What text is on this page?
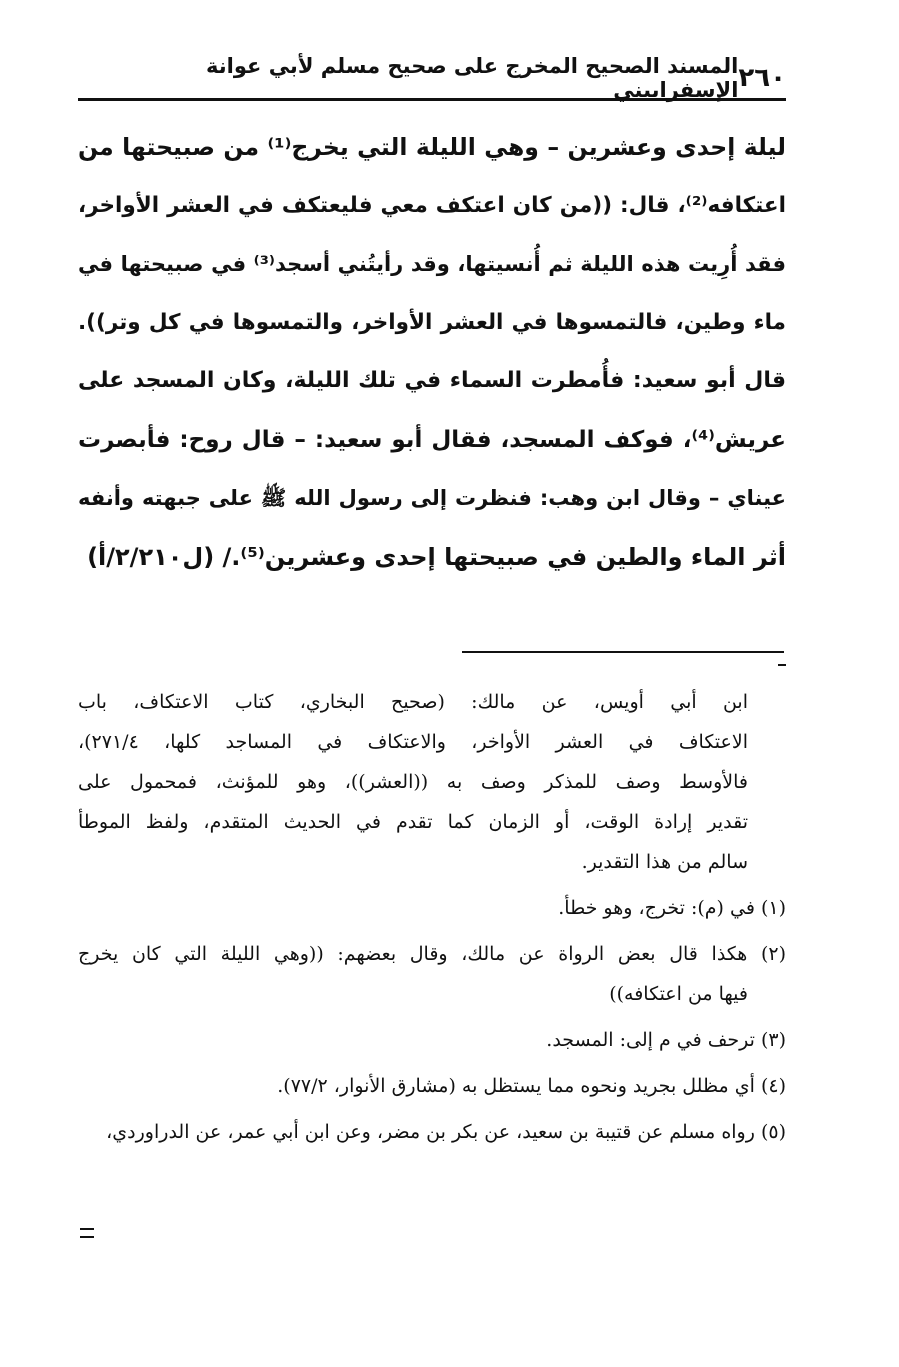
٢٦٠
المسند الصحيح المخرج على صحيح مسلم لأبي عوانة الإسفراييني
ليلة إحدى وعشرين – وهي الليلة التي يخرج⁽¹⁾ من صبيحتها من
اعتكافه⁽²⁾، قال: ((من كان اعتكف معي فليعتكف في العشر الأواخر،
فقد أُرِيت هذه الليلة ثم أُنسيتها، وقد رأيتُني أسجد⁽³⁾ في صبيحتها في
ماء وطين، فالتمسوها في العشر الأواخر، والتمسوها في كل وتر)).
قال أبو سعيد: فأُمطرت السماء في تلك الليلة، وكان المسجد على
عريش⁽⁴⁾، فوكف المسجد، فقال أبو سعيد: – قال روح: فأبصرت
عيناي – وقال ابن وهب: فنظرت إلى رسول الله ﷺ على جبهته وأنفه
أثر الماء والطين في صبيحتها إحدى وعشرين⁽⁵⁾./ (ل٢/٢١٠/أ)
ابن أبي أويس، عن مالك: (صحيح البخاري، كتاب الاعتكاف، باب
الاعتكاف في العشر الأواخر، والاعتكاف في المساجد كلها، ٢٧١/٤)،
فالأوسط وصف للمذكر وصف به ((العشر))، وهو للمؤنث، فمحمول على
تقدير إرادة الوقت، أو الزمان كما تقدم في الحديث المتقدم، ولفظ الموطأ
سالم من هذا التقدير.
(١) في (م): تخرج، وهو خطأ.
(٢) هكذا قال بعض الرواة عن مالك، وقال بعضهم: ((وهي الليلة التي كان يخرج
فيها من اعتكافه))
(٣) ترحف في م إلى: المسجد.
(٤) أي مظلل بجريد ونحوه مما يستظل به (مشارق الأنوار، ٧٧/٢).
(٥) رواه مسلم عن قتيبة بن سعيد، عن بكر بن مضر، وعن ابن أبي عمر، عن الدراوردي،
